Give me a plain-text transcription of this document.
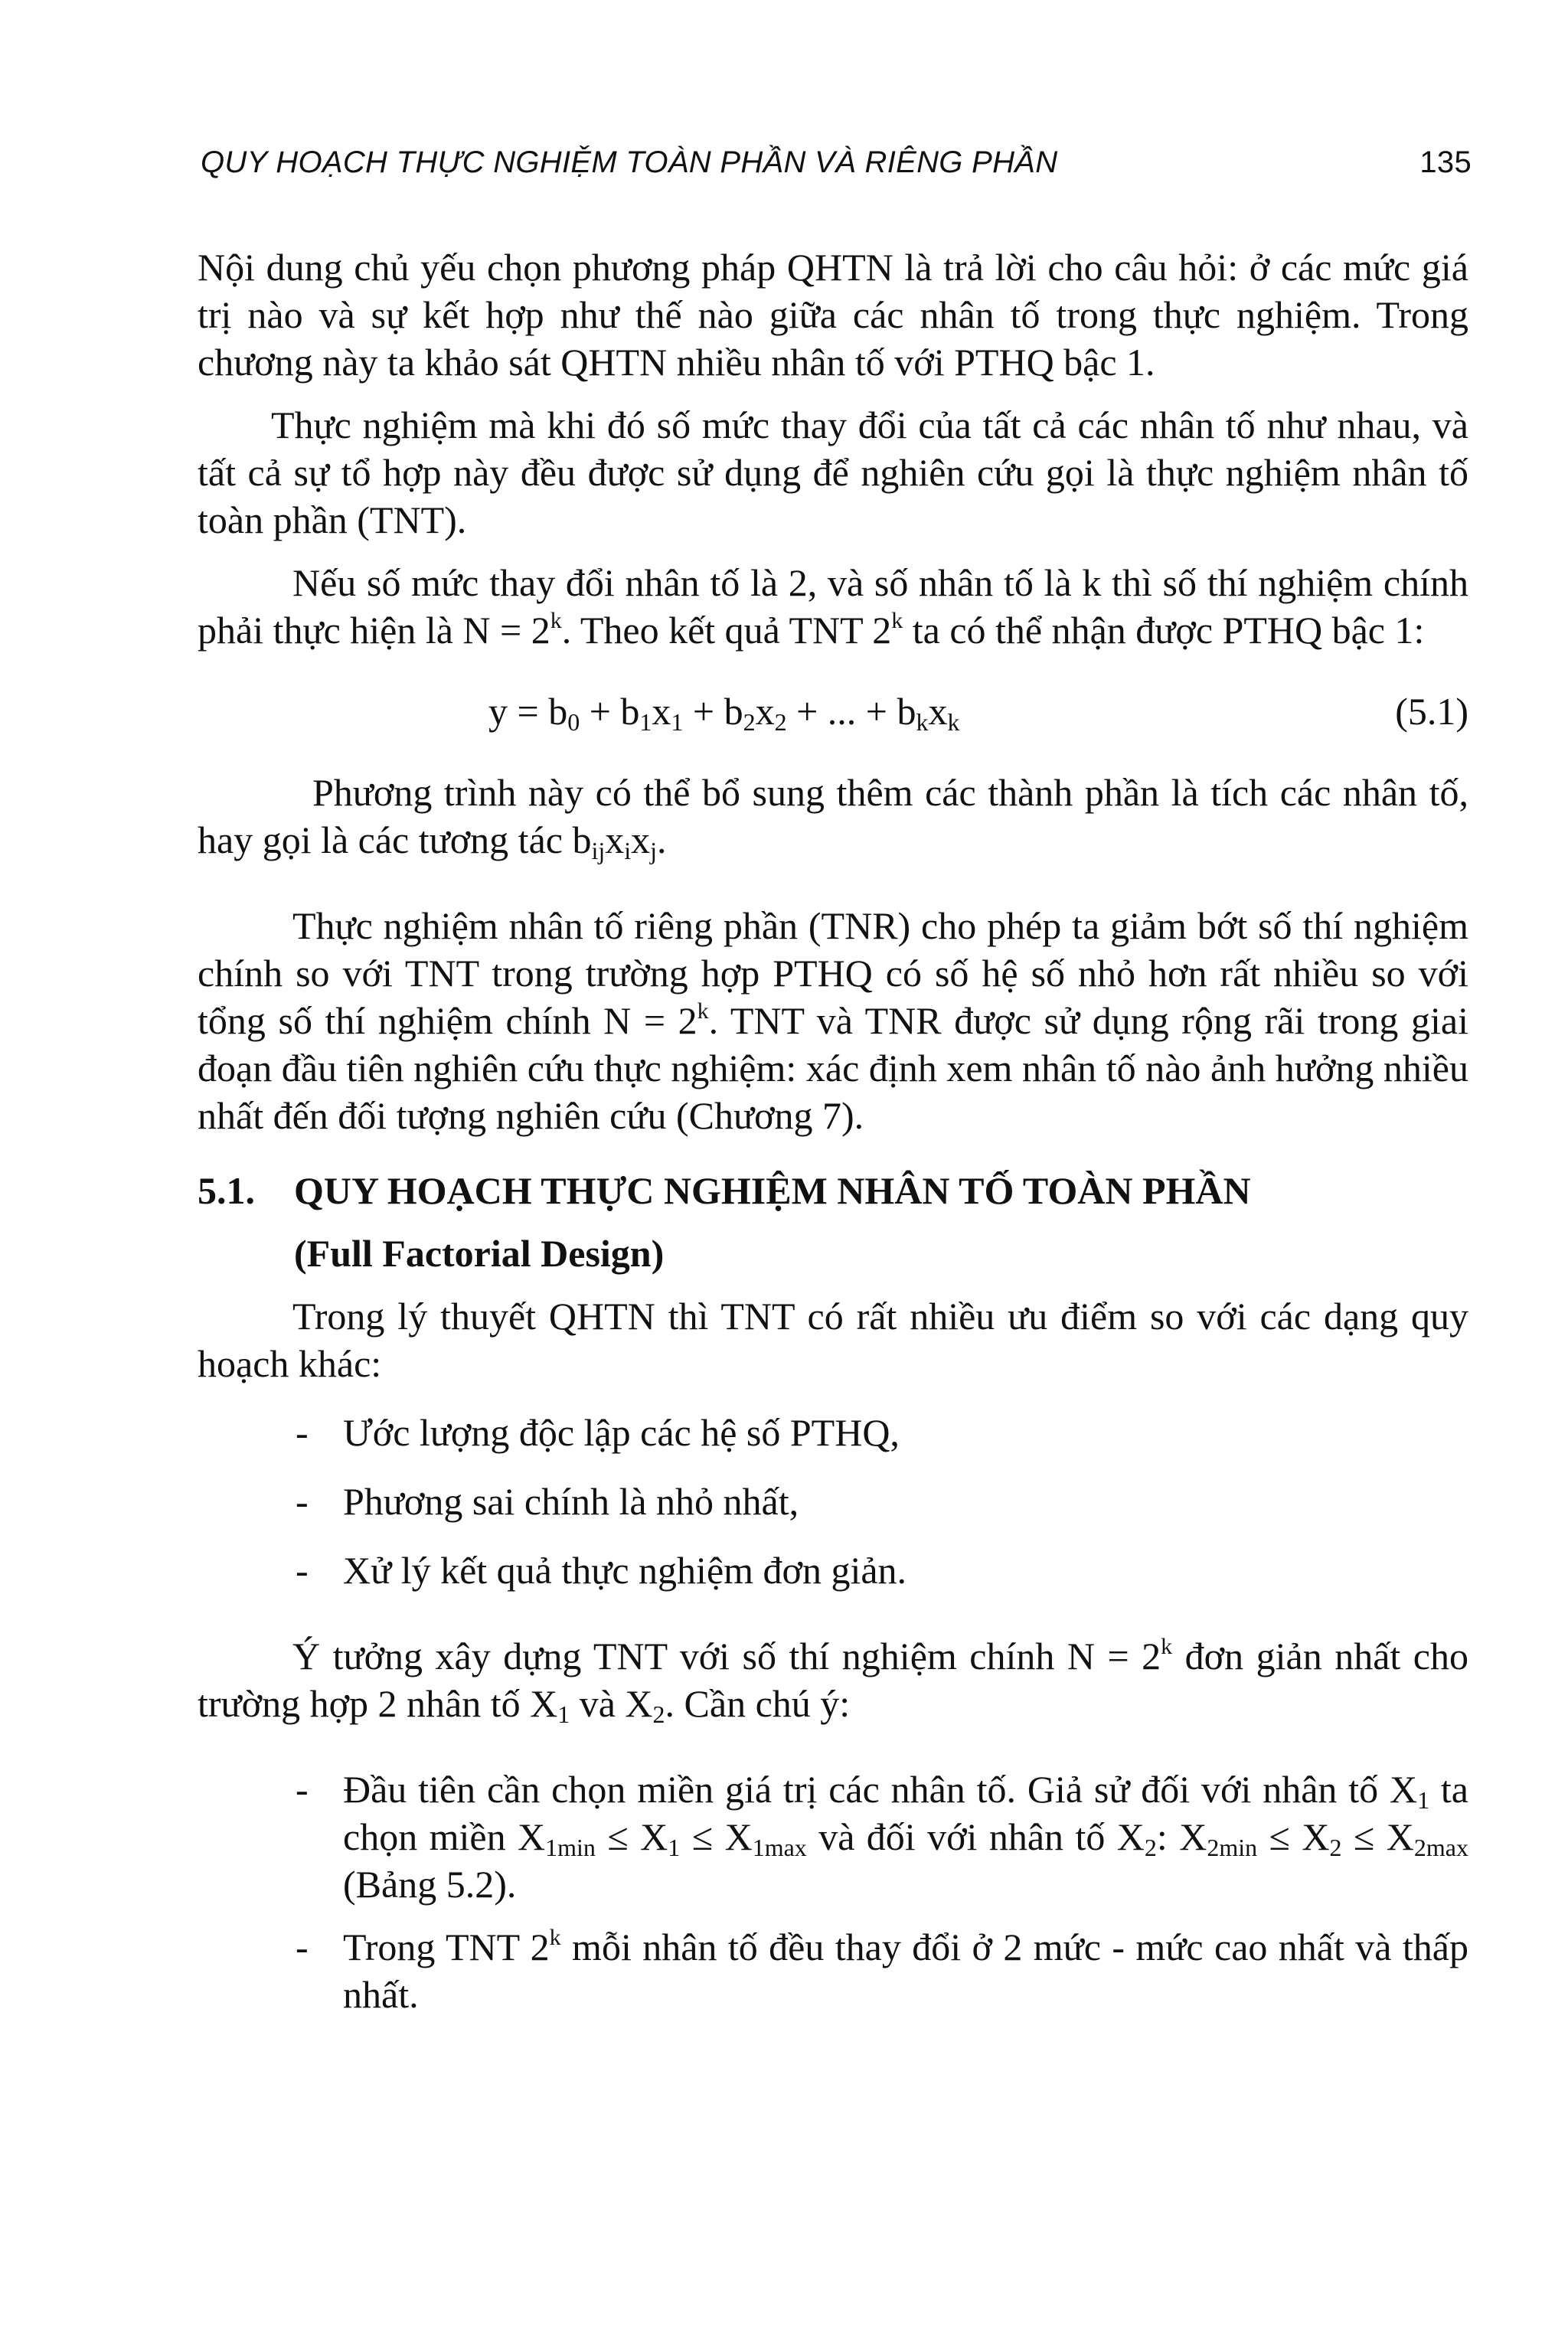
QUY HOẠCH THỰC NGHIỆM TOÀN PHẦN VÀ RIÊNG PHẦN	135

Nội dung chủ yếu chọn phương pháp QHTN là trả lời cho câu hỏi: ở các mức giá trị nào và sự kết hợp như thế nào giữa các nhân tố trong thực nghiệm. Trong chương này ta khảo sát QHTN nhiều nhân tố với PTHQ bậc 1.

Thực nghiệm mà khi đó số mức thay đổi của tất cả các nhân tố như nhau, và tất cả sự tổ hợp này đều được sử dụng để nghiên cứu gọi là thực nghiệm nhân tố toàn phần (TNT).

Nếu số mức thay đổi nhân tố là 2, và số nhân tố là k thì số thí nghiệm chính phải thực hiện là $N = 2^k$. Theo kết quả TNT 2$^k$ ta có thể nhận được PTHQ bậc 1:

$y = b_0 + b_1x_1 + b_2x_2$ + ... + $b_kx_k$	(5.1)

Phương trình này có thể bổ sung thêm các thành phần là tích các nhân tố, hay gọi là các tương tác $b_{ij}x_ix_j$.

Thực nghiệm nhân tố riêng phần (TNR) cho phép ta giảm bớt số thí nghiệm chính so với TNT trong trường hợp PTHQ có số hệ số nhỏ hơn rất nhiều so với tổng số thí nghiệm chính $N = 2^k$. TNT và TNR được sử dụng rộng rãi trong giai đoạn đầu tiên nghiên cứu thực nghiệm: xác định xem nhân tố nào ảnh hưởng nhiều nhất đến đối tượng nghiên cứu (Chương 7).

5.1. QUY HOẠCH THỰC NGHIỆM NHÂN TỐ TOÀN PHẦN
(Full Factorial Design)

Trong lý thuyết QHTN thì TNT có rất nhiều ưu điểm so với các dạng quy hoạch khác:

- Ước lượng độc lập các hệ số PTHQ,
- Phương sai chính là nhỏ nhất,
- Xử lý kết quả thực nghiệm đơn giản.

Ý tưởng xây dựng TNT với số thí nghiệm chính $N = 2^k$ đơn giản nhất cho trường hợp 2 nhân tố $X_1$ và $X_2$. Cần chú ý:

- Đầu tiên cần chọn miền giá trị các nhân tố. Giả sử đối với nhân tố $X_1$ ta chọn miền $X_{1min} \le X_1 \le X_{1max}$ và đối với nhân tố $X_2$: $X_{2min} \le X_2 \le X_{2max}$ (Bảng 5.2).
- Trong TNT 2$^k$ mỗi nhân tố đều thay đổi ở 2 mức - mức cao nhất và thấp nhất.
